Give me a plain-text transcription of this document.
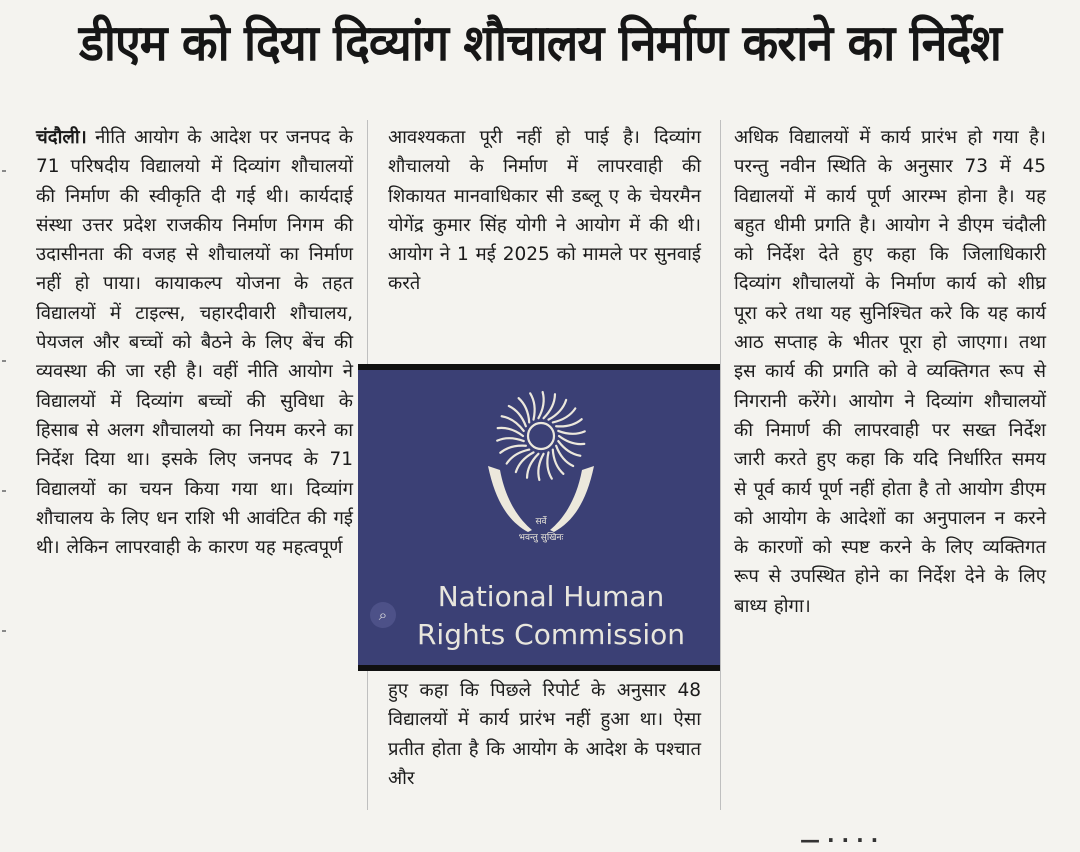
डीएम को दिया दिव्यांग शौचालय निर्माण कराने का निर्देश

चंदौली। नीति आयोग के आदेश पर जनपद के 71 परिषदीय विद्यालयो में दिव्यांग शौचालयों की निर्माण की स्वीकृति दी गई थी। कार्यदाई संस्था उत्तर प्रदेश राजकीय निर्माण निगम की उदासीनता की वजह से शौचालयों का निर्माण नहीं हो पाया। कायाकल्प योजना के तहत विद्यालयों में टाइल्स, चहारदीवारी शौचालय, पेयजल और बच्चों को बैठने के लिए बेंच की व्यवस्था की जा रही है। वहीं नीति आयोग ने विद्यालयों में दिव्यांग बच्चों की सुविधा के हिसाब से अलग शौचालयो का नियम करने का निर्देश दिया था। इसके लिए जनपद के 71 विद्यालयों का चयन किया गया था। दिव्यांग शौचालय के लिए धन राशि भी आवंटित की गई थी। लेकिन लापरवाही के कारण यह महत्वपूर्ण

आवश्यकता पूरी नहीं हो पाई है। दिव्यांग शौचालयो के निर्माण में लापरवाही की शिकायत मानवाधिकार सी डब्लू ए के चेयरमैन योगेंद्र कुमार सिंह योगी ने आयोग में की थी। आयोग ने 1 मई 2025 को मामले पर सुनवाई करते

सर्वे
भवन्तु सुखिनः
⌕
National Human
Rights Commission

हुए कहा कि पिछले रिपोर्ट के अनुसार 48 विद्यालयों में कार्य प्रारंभ नहीं हुआ था। ऐसा प्रतीत होता है कि आयोग के आदेश के पश्चात और

अधिक विद्यालयों में कार्य प्रारंभ हो गया है। परन्तु नवीन स्थिति के अनुसार 73 में 45 विद्यालयों में कार्य पूर्ण आरम्भ होना है। यह बहुत धीमी प्रगति है। आयोग ने डीएम चंदौली को निर्देश देते हुए कहा कि जिलाधिकारी दिव्यांग शौचालयों के निर्माण कार्य को शीघ्र पूरा करे तथा यह सुनिश्चित करे कि यह कार्य आठ सप्ताह के भीतर पूरा हो जाएगा। तथा इस कार्य की प्रगति को वे व्यक्तिगत रूप से निगरानी करेंगे। आयोग ने दिव्यांग शौचालयों की निमार्ण की लापरवाही पर सख्त निर्देश जारी करते हुए कहा कि यदि निर्धारित समय से पूर्व कार्य पूर्ण नहीं होता है तो आयोग डीएम को आयोग के आदेशों का अनुपालन न करने के कारणों को स्पष्ट करने के लिए व्यक्तिगत रूप से उपस्थित होने का निर्देश देने के लिए बाध्य होगा।

— · · · ·
